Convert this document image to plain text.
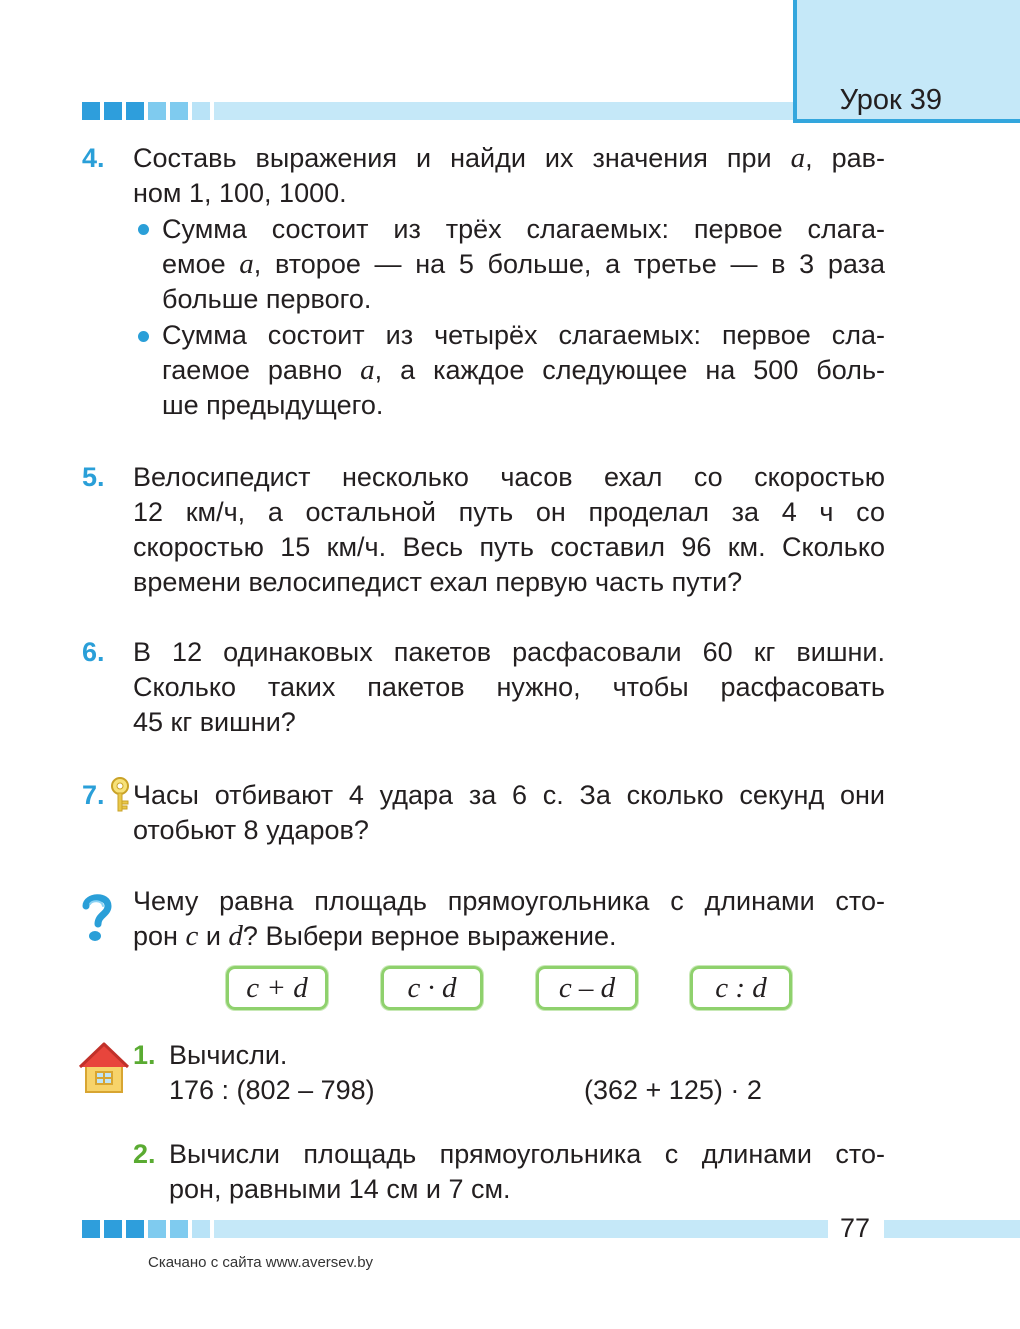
Урок 39
4. Составь выражения и найди их значения при a, рав-
ном 1, 100, 1000.
Сумма состоит из трёх слагаемых: первое слага-
емое a, второе — на 5 больше, а третье — в 3 раза
больше первого.
Сумма состоит из четырёх слагаемых: первое сла-
гаемое равно a, а каждое следующее на 500 боль-
ше предыдущего.
5. Велосипедист несколько часов ехал со скоростью
12 км/ч, а остальной путь он проделал за 4 ч со
скоростью 15 км/ч. Весь путь составил 96 км. Сколько
времени велосипедист ехал первую часть пути?
6. В 12 одинаковых пакетов расфасовали 60 кг вишни.
Сколько таких пакетов нужно, чтобы расфасовать
45 кг вишни?
7. Часы отбивают 4 удара за 6 с. За сколько секунд они
отобьют 8 ударов?
Чему равна площадь прямоугольника с длинами сто-
рон c и d? Выбери верное выражение.
c + d	c · d	c – d	c : d
1. Вычисли.
176 : (802 – 798)	(362 + 125) · 2
2. Вычисли площадь прямоугольника с длинами сто-
рон, равными 14 см и 7 см.
77
Скачано с сайта www.aversev.by
